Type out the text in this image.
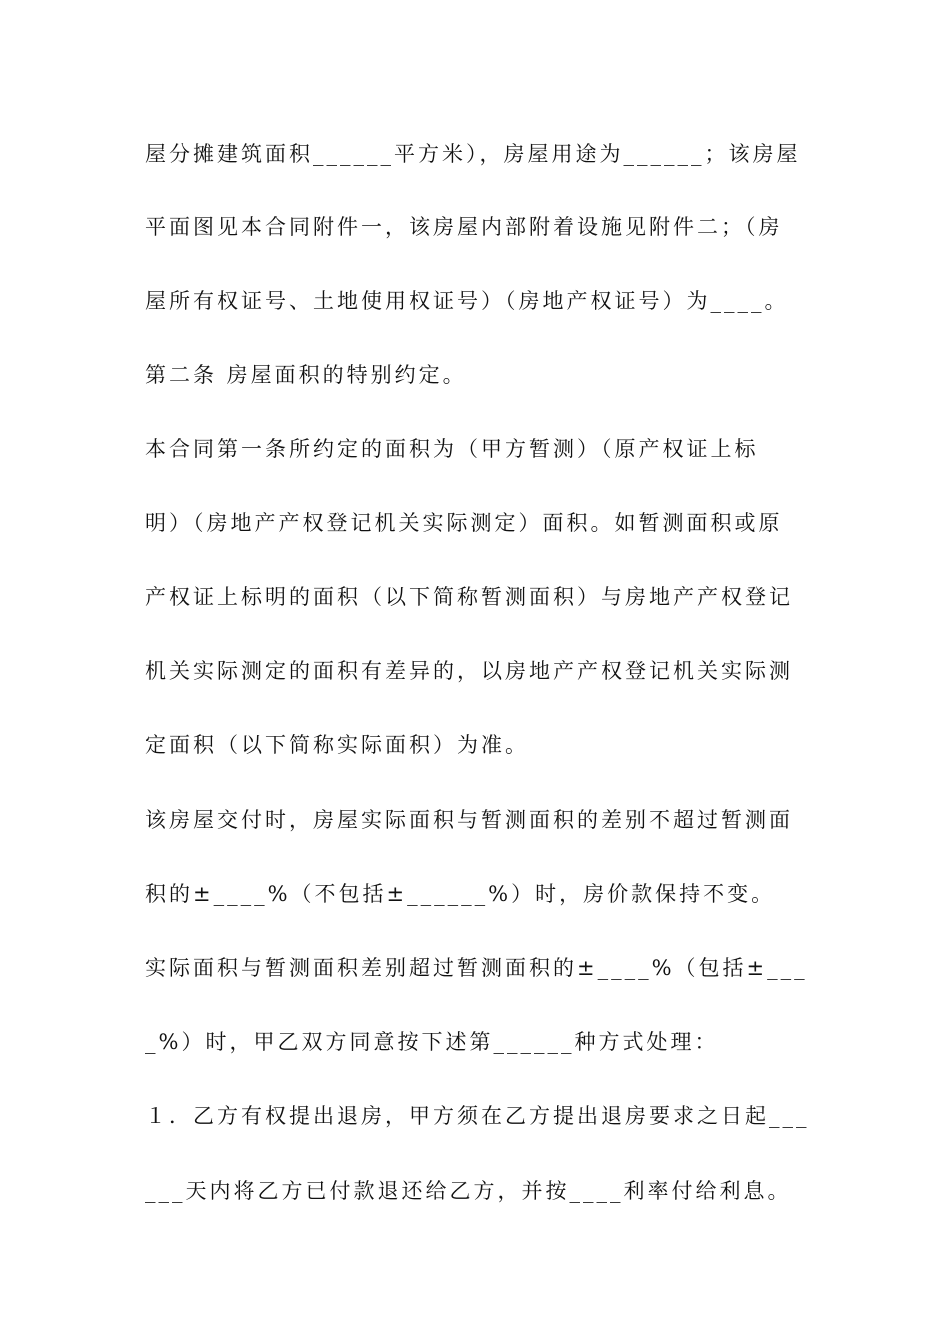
屋分摊建筑面积______平方米），房屋用途为______；该房屋
平面图见本合同附件一，该房屋内部附着设施见附件二；（房
屋所有权证号、土地使用权证号）（房地产权证号）为____。
第二条 房屋面积的特别约定。
本合同第一条所约定的面积为（甲方暂测）（原产权证上标
明）（房地产产权登记机关实际测定）面积。如暂测面积或原
产权证上标明的面积（以下简称暂测面积）与房地产产权登记
机关实际测定的面积有差异的，以房地产产权登记机关实际测
定面积（以下简称实际面积）为准。
该房屋交付时，房屋实际面积与暂测面积的差别不超过暂测面
积的±____%（不包括±______%）时，房价款保持不变。
实际面积与暂测面积差别超过暂测面积的±____%（包括±___
_%）时，甲乙双方同意按下述第______种方式处理：
１．乙方有权提出退房，甲方须在乙方提出退房要求之日起___
___天内将乙方已付款退还给乙方，并按____利率付给利息。
